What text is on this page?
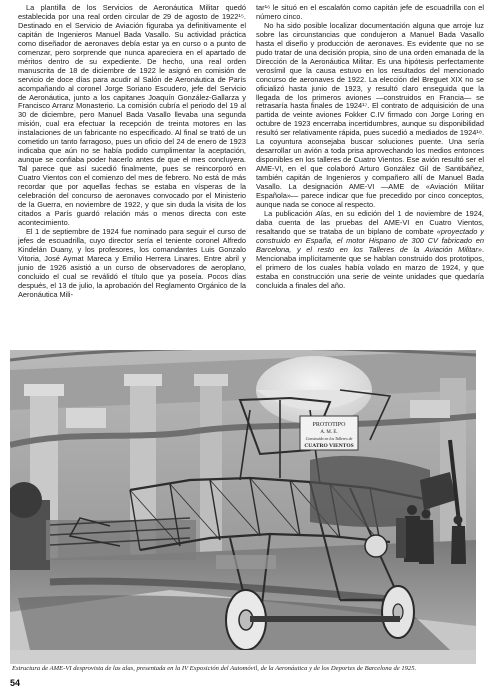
La plantilla de los Servicios de Aeronáutica Militar quedó establecida por una real orden circular de 29 de agosto de 1922¹⁵. Destinado en el Servicio de Aviación figuraba ya definitivamente el capitán de Ingenieros Manuel Bada Vasallo. Su actividad práctica como diseñador de aeronaves debía estar ya en curso o a punto de comenzar, pero sorprende que nunca apareciera en el apartado de méritos dentro de su expediente. De hecho, una real orden manuscrita de 18 de diciembre de 1922 le asignó en comisión de servicio de doce días para acudir al Salón de Aeronáutica de París acompañando al coronel Jorge Soriano Escudero, jefe del Servicio de Aeronáutica, junto a los capitanes Joaquín González-Gallarza y Francisco Arranz Monasterio. La comisión cubría el periodo del 19 al 30 de diciembre, pero Manuel Bada Vasallo llevaba una segunda misión, cual era efectuar la recepción de treinta motores en las instalaciones de un fabricante no especificado. Al final se trató de un cometido un tanto farragoso, pues un oficio del 24 de enero de 1923 indicaba que aún no se había podido cumplimentar la aceptación, aunque se confiaba poder hacerlo antes de que el mes concluyera. Tal parece que así sucedió finalmente, pues se reincorporó en Cuatro Vientos con el comienzo del mes de febrero. No está de más recordar que por aquellas fechas se estaba en vísperas de la celebración del concurso de aeronaves convocado por el Ministerio de la Guerra, en noviembre de 1922, y que sin duda la visita de los citados a París guardó relación más o menos directa con este acontecimiento.

El 1 de septiembre de 1924 fue nominado para seguir el curso de jefes de escuadrilla, cuyo director sería el teniente coronel Alfredo Kindelán Duany, y los profesores, los comandantes Luis Gonzalo Vitoria, José Aymat Mareca y Emilio Herrera Linares. Entre abril y junio de 1926 asistió a un curso de observadores de aeroplano, concluido el cual se reválidó el título que ya poseía. Pocos días después, el 13 de julio, la aprobación del Reglamento Orgánico de la Aeronáutica Mili-

tar¹⁶ le situó en el escalafón como capitán jefe de escuadrilla con el número cinco.

No ha sido posible localizar documentación alguna que arroje luz sobre las circunstancias que condujeron a Manuel Bada Vasallo hasta el diseño y producción de aeronaves. Es evidente que no se pudo tratar de una decisión propia, sino de una orden emanada de la Dirección de la Aeronáutica Militar. Es una hipótesis perfectamente verosímil que la causa estuvo en los resultados del mencionado concurso de aeronaves de 1922. La elección del Breguet XIX no se oficializó hasta junio de 1923, y resultó claro enseguida que la llegada de los primeros aviones —construidos en Francia— se retrasaría hasta finales de 1924¹⁷. El contrato de adquisición de una partida de veinte aviones Fokker C.IV firmado con Jorge Loring en octubre de 1923 encerraba incertidumbres, aunque su disponibilidad resultó ser relativamente rápida, pues sucedió a mediados de 1924¹⁸. La coyuntura aconsejaba buscar soluciones puente. Una sería desarrollar un avión a toda prisa aprovechando los medios entonces disponibles en los talleres de Cuatro Vientos. Ese avión resultó ser el AME-VI, en el que colaboró Arturo González Gil de Santibáñez, también capitán de Ingenieros y compañero allí de Manuel Bada Vasallo. La designación AME-VI —AME de «Aviación Militar Española»— parece indicar que fue precedido por cinco conceptos, aunque nada se conoce al respecto.

La publicación Alas, en su edición del 1 de noviembre de 1924, daba cuenta de las pruebas del AME-VI en Cuatro Vientos, resaltando que se trataba de un biplano de combate «proyectado y construido en España, el motor Hispano de 300 CV fabricado en Barcelona, y el resto en los Talleres de la Aviación Militar». Mencionaba implícitamente que se hablan construido dos prototipos, el primero de los cuales había volado en marzo de 1924, y que estaba en construcción una serie de veinte unidades que quedaría concluida a finales del año.

PROTOTIPO
A. M. E.
Construido en los Talleres de
CUATRO VIENTOS
Estructura de AME-VI desprovista de las alas, presentada en la IV Exposición del Automóvil, de la Aeronáutica y de los Deportes de Barcelona de 1925.
54
